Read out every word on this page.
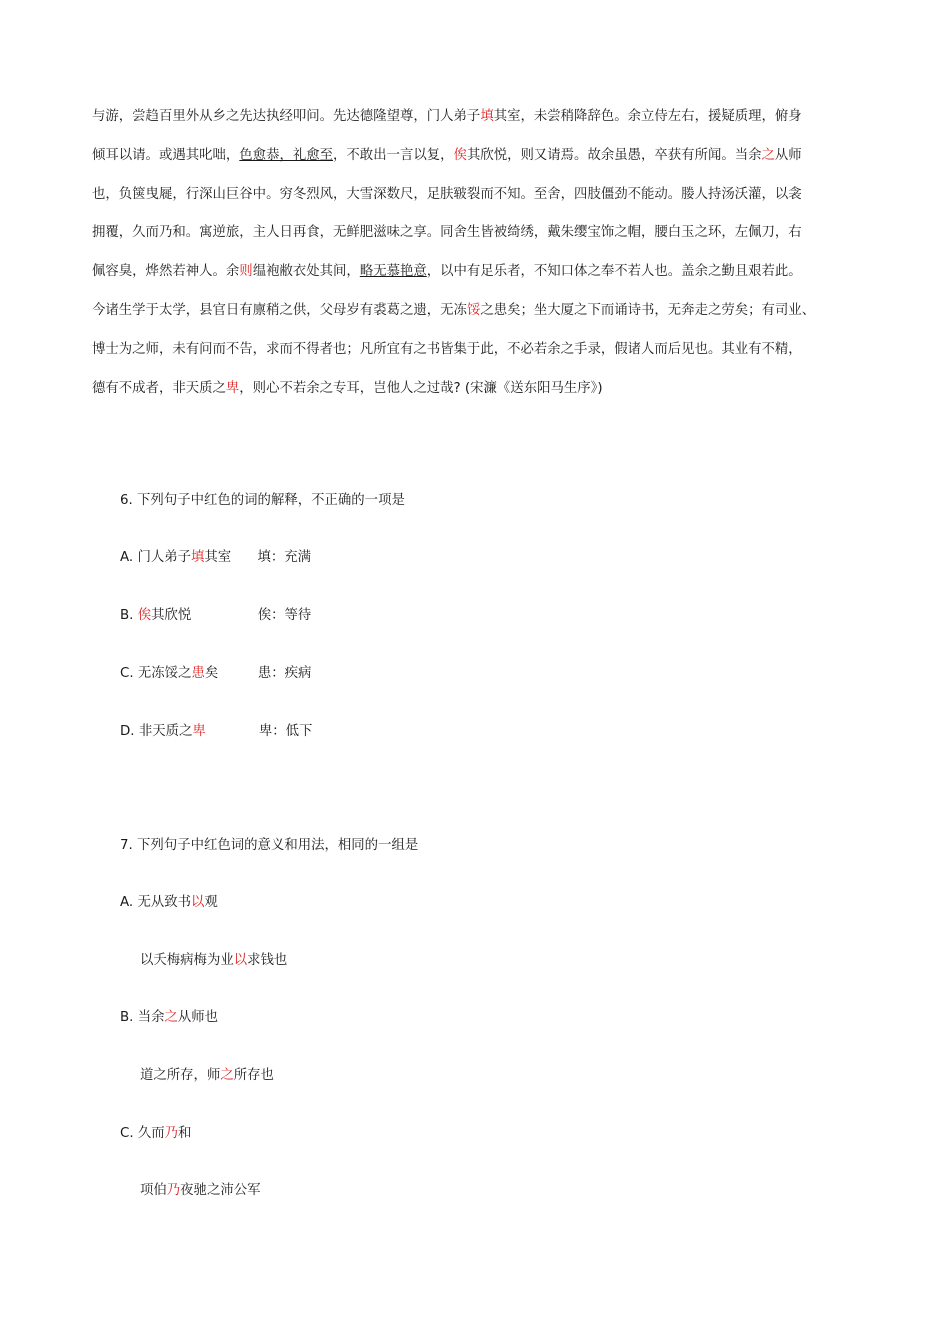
与游，尝趋百里外从乡之先达执经叩问。先达德隆望尊，门人弟子填其室，未尝稍降辞色。余立侍左右，援疑质理，俯身
倾耳以请。或遇其叱咄，色愈恭，礼愈至，不敢出一言以复，俟其欣悦，则又请焉。故余虽愚，卒获有所闻。当余之从师
也，负箧曳屣，行深山巨谷中。穷冬烈风，大雪深数尺，足肤皲裂而不知。至舍，四肢僵劲不能动。媵人持汤沃灌，以衾
拥覆，久而乃和。寓逆旅，主人日再食，无鲜肥滋味之享。同舍生皆被绮绣，戴朱缨宝饰之帽，腰白玉之环，左佩刀，右
佩容臭，烨然若神人。余则缊袍敝衣处其间，略无慕艳意，以中有足乐者，不知口体之奉不若人也。盖余之勤且艰若此。
今诸生学于太学，县官日有廪稍之供，父母岁有裘葛之遗，无冻馁之患矣；坐大厦之下而诵诗书，无奔走之劳矣；有司业、
博士为之师，未有问而不告，求而不得者也；凡所宜有之书皆集于此，不必若余之手录，假诸人而后见也。其业有不精，
德有不成者，非天质之卑，则心不若余之专耳，岂他人之过哉? (宋濂《送东阳马生序》)
6. 下列句子中红色的词的解释，不正确的一项是
A. 门人弟子填其室 填：充满
B. 俟其欣悦	俟：等待
C. 无冻馁之患矣	患：疾病
D. 非天质之卑	卑：低下
7. 下列句子中红色词的意义和用法，相同的一组是
A. 无从致书以观
以夭梅病梅为业以求钱也
B. 当余之从师也
道之所存，师之所存也
C. 久而乃和
项伯乃夜驰之沛公军
